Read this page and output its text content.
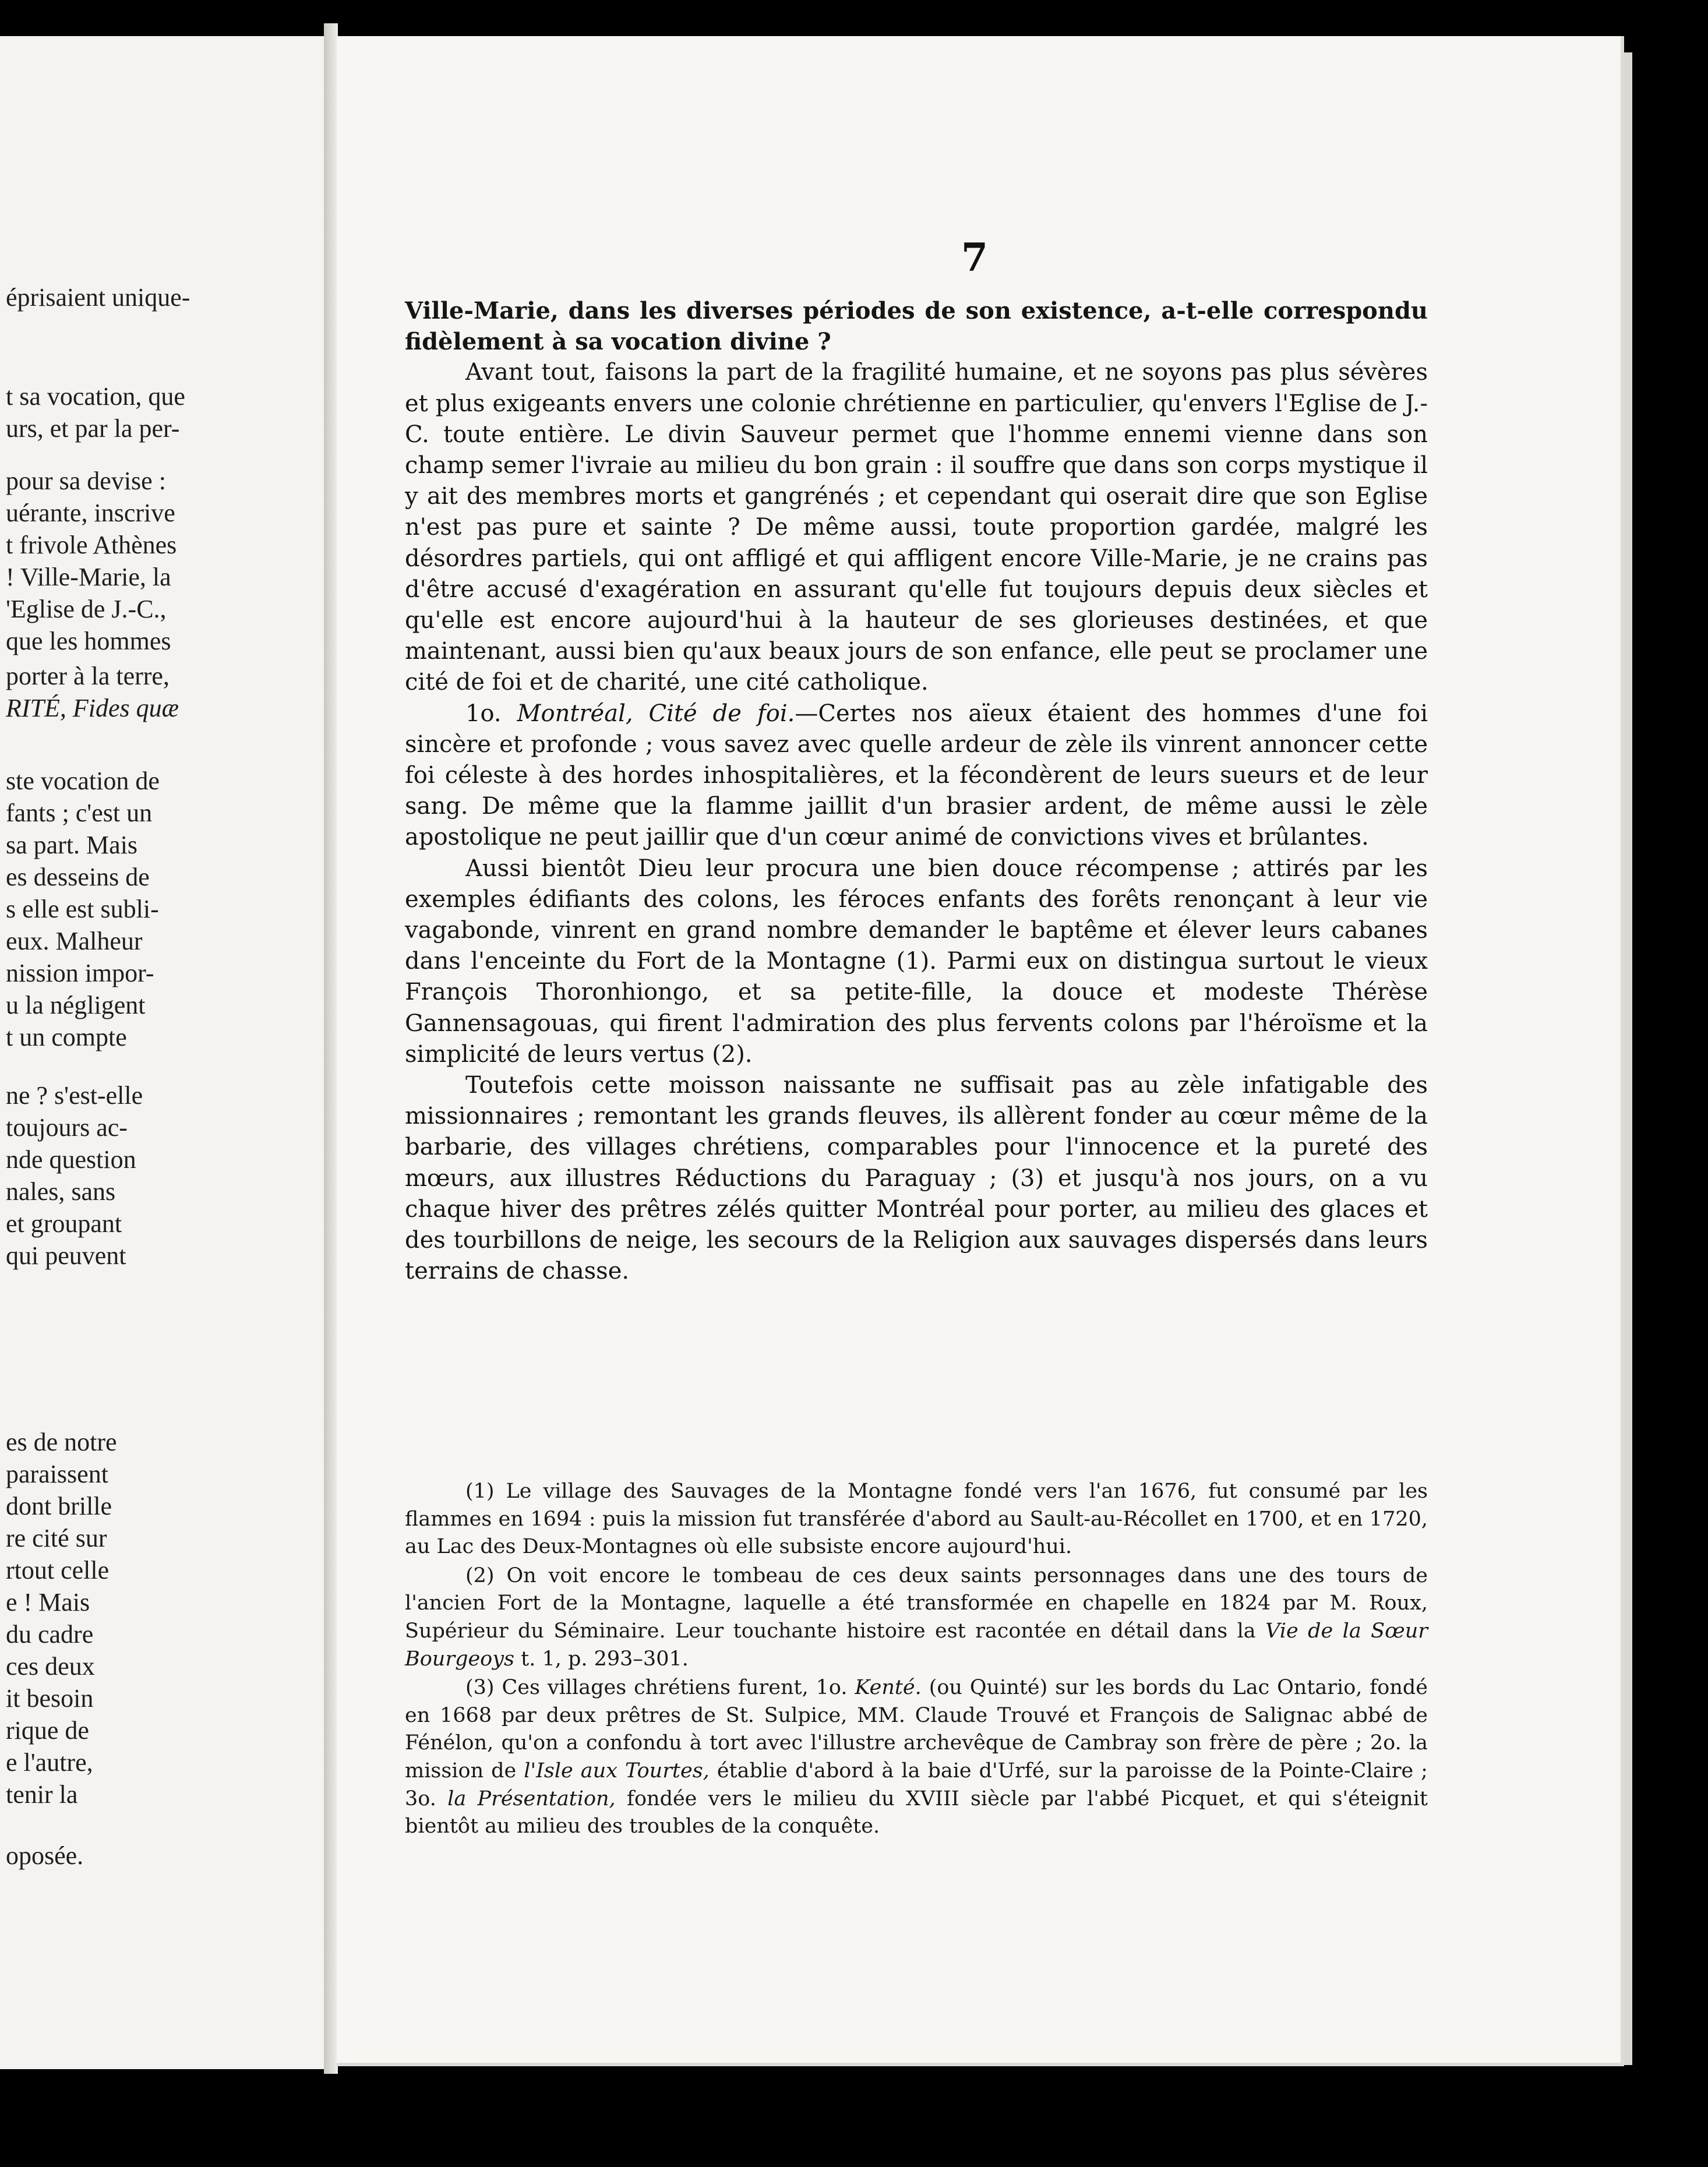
éprisaient unique-
t sa vocation, que
urs, et par la per-
pour sa devise :
uérante, inscrive
t frivole Athènes
! Ville-Marie, la
'Eglise de J.-C.,
que les hommes
porter à la terre,
RITÉ, Fides quæ
ste vocation de
fants ; c'est un
sa part. Mais
es desseins de
s elle est subli-
eux. Malheur
nission impor-
u la négligent
t un compte
ne ? s'est-elle
toujours ac-
nde question
nales, sans
et groupant
qui peuvent
es de notre
paraissent
dont brille
re cité sur
rtout celle
e ! Mais
du cadre
ces deux
it besoin
rique de
e l'autre,
tenir la
oposée.
7

Ville-Marie, dans les diverses périodes de son existence, a-t-elle correspondu fidèlement à sa vocation divine ?

Avant tout, faisons la part de la fragilité humaine, et ne soyons pas plus sévères et plus exigeants envers une colonie chrétienne en particulier, qu'envers l'Eglise de J.-C. toute entière. Le divin Sauveur permet que l'homme ennemi vienne dans son champ semer l'ivraie au milieu du bon grain : il souffre que dans son corps mystique il y ait des membres morts et gangrénés ; et cependant qui oserait dire que son Eglise n'est pas pure et sainte ? De même aussi, toute proportion gardée, malgré les désordres partiels, qui ont affligé et qui affligent encore Ville-Marie, je ne crains pas d'être accusé d'exagération en assurant qu'elle fut toujours depuis deux siècles et qu'elle est encore aujourd'hui à la hauteur de ses glorieuses destinées, et que maintenant, aussi bien qu'aux beaux jours de son enfance, elle peut se proclamer une cité de foi et de charité, une cité catholique.

1o. Montréal, Cité de foi.—Certes nos aïeux étaient des hommes d'une foi sincère et profonde ; vous savez avec quelle ardeur de zèle ils vinrent annoncer cette foi céleste à des hordes inhospitalières, et la fécondèrent de leurs sueurs et de leur sang. De même que la flamme jaillit d'un brasier ardent, de même aussi le zèle apostolique ne peut jaillir que d'un cœur animé de convictions vives et brûlantes.

Aussi bientôt Dieu leur procura une bien douce récompense ; attirés par les exemples édifiants des colons, les féroces enfants des forêts renonçant à leur vie vagabonde, vinrent en grand nombre demander le baptême et élever leurs cabanes dans l'enceinte du Fort de la Montagne (1). Parmi eux on distingua surtout le vieux François Thoronhiongo, et sa petite-fille, la douce et modeste Thérèse Gannensagouas, qui firent l'admiration des plus fervents colons par l'héroïsme et la simplicité de leurs vertus (2).

Toutefois cette moisson naissante ne suffisait pas au zèle infatigable des missionnaires ; remontant les grands fleuves, ils allèrent fonder au cœur même de la barbarie, des villages chrétiens, comparables pour l'innocence et la pureté des mœurs, aux illustres Réductions du Paraguay ; (3) et jusqu'à nos jours, on a vu chaque hiver des prêtres zélés quitter Montréal pour porter, au milieu des glaces et des tourbillons de neige, les secours de la Religion aux sauvages dispersés dans leurs terrains de chasse.

(1) Le village des Sauvages de la Montagne fondé vers l'an 1676, fut consumé par les flammes en 1694 : puis la mission fut transférée d'abord au Sault-au-Récollet en 1700, et en 1720, au Lac des Deux-Montagnes où elle subsiste encore aujourd'hui.

(2) On voit encore le tombeau de ces deux saints personnages dans une des tours de l'ancien Fort de la Montagne, laquelle a été transformée en chapelle en 1824 par M. Roux, Supérieur du Séminaire. Leur touchante histoire est racontée en détail dans la Vie de la Sœur Bourgeoys t. 1, p. 293–301.

(3) Ces villages chrétiens furent, 1o. Kenté. (ou Quinté) sur les bords du Lac Ontario, fondé en 1668 par deux prêtres de St. Sulpice, MM. Claude Trouvé et François de Salignac abbé de Fénélon, qu'on a confondu à tort avec l'illustre archevêque de Cambray son frère de père ; 2o. la mission de l'Isle aux Tourtes, établie d'abord à la baie d'Urfé, sur la paroisse de la Pointe-Claire ; 3o. la Présentation, fondée vers le milieu du XVIII siècle par l'abbé Picquet, et qui s'éteignit bientôt au milieu des troubles de la conquête.
